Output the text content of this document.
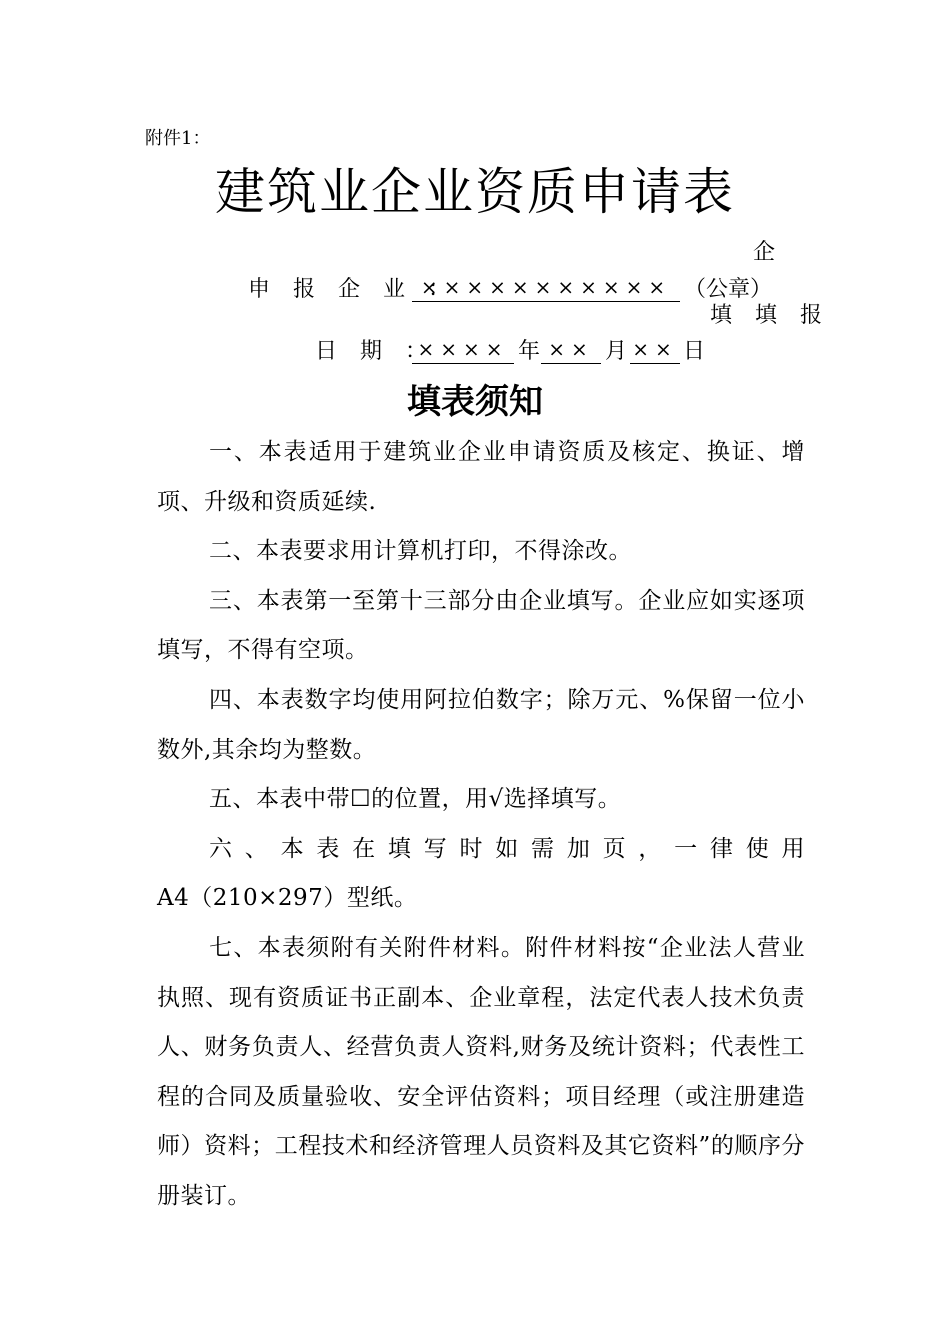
附件1：
建筑业企业资质申请表
企
申 报 企 业 ：
××××××××××× （公章）
填 填 报
日 期 ：
×××× 年 ×× 月 ×× 日
填表须知

一、本表适用于建筑业企业申请资质及核定、换证、增项、升级和资质延续.

二、本表要求用计算机打印，不得涂改。

三、本表第一至第十三部分由企业填写。企业应如实逐项填写，不得有空项。

四、本表数字均使用阿拉伯数字；除万元、%保留一位小数外,其余均为整数。

五、本表中带☐的位置，用√选择填写。

六、本表在填写时如需加页，一律使用

A4（210×297）型纸。

七、本表须附有关附件材料。附件材料按“企业法人营业执照、现有资质证书正副本、企业章程，法定代表人技术负责人、财务负责人、经营负责人资料,财务及统计资料；代表性工程的合同及质量验收、安全评估资料；项目经理（或注册建造师）资料；工程技术和经济管理人员资料及其它资料”的顺序分册装订。
